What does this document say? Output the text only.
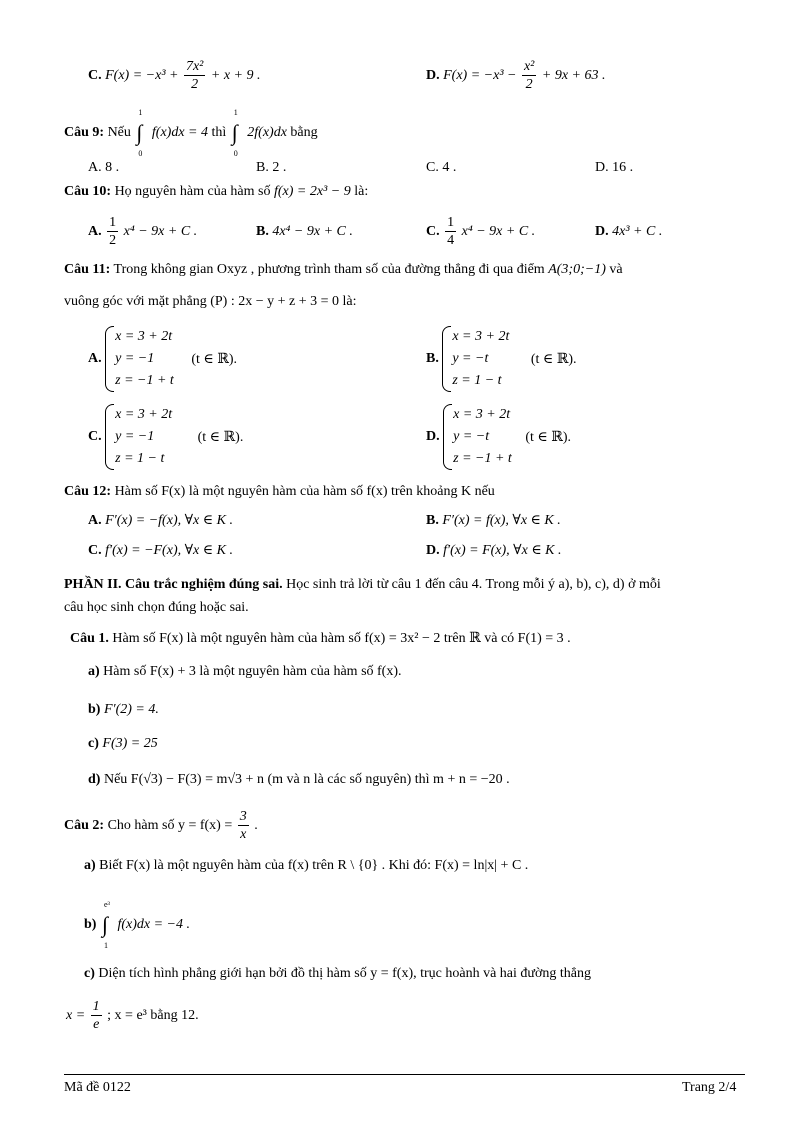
C. $F(x) = -x^3 + \frac{\text{7x²}}{2} + x + 9$ .	D. $F(x) = -x^3 - \frac{\text{x²}}{2} + 9x + 63$ .
Câu 9: Nếu
1
∫
0
f(x)dx = 4 thì
1
∫
0
2f(x)dx bằng
A. 8 .	B. 2 .	C. 4 .	D. 16 .
Câu 10: Họ nguyên hàm của hàm số f(x) = 2x³ − 9 là:
A. $\frac{1}{2} x^4 - 9x + C$ .	B. 4x⁴ − 9x + C .	C. $\frac{1}{4} x^4 - 9x + C$ .	D. 4x³ + C .
Câu 11: Trong không gian Oxyz , phương trình tham số của đường thẳng đi qua điểm A(3;0;−1) và
vuông góc với mặt phẳng (P) : 2x − y + z + 3 = 0 là:
A.
x = 3 + 2t
y = −1
z = −1 + t
(t ∈ ℝ).	B.
x = 3 + 2t
y = −t
z = 1 − t
(t ∈ ℝ).
C.
x = 3 + 2t
y = −1
z = 1 − t
(t ∈ ℝ).	D.
x = 3 + 2t
y = −t
z = −1 + t
(t ∈ ℝ).
Câu 12: Hàm số F(x) là một nguyên hàm của hàm số f(x) trên khoảng K nếu
A. F′(x) = −f(x), ∀x ∈ K .	B. F′(x) = f(x), ∀x ∈ K .
C. f′(x) = −F(x), ∀x ∈ K .	D. f′(x) = F(x), ∀x ∈ K .
PHẦN II. Câu trắc nghiệm đúng sai. Học sinh trả lời từ câu 1 đến câu 4. Trong mỗi ý a), b), c), d) ở mỗi
câu học sinh chọn đúng hoặc sai.
Câu 1. Hàm số F(x) là một nguyên hàm của hàm số f(x) = 3x² − 2 trên ℝ và có F(1) = 3 .
a) Hàm số F(x) + 3 là một nguyên hàm của hàm số f(x).
b) F′(2) = 4.
c) F(3) = 25
d) Nếu F(√3) − F(3) = m√3 + n (m và n là các số nguyên) thì m + n = −20 .
Câu 2: Cho hàm số $y = f(x) = \frac{3}{x}$ .
a) Biết F(x) là một nguyên hàm của f(x) trên R \ {0} . Khi đó: F(x) = ln|x| + C .
b)
e³
∫
1
f(x)dx = −4 .
c) Diện tích hình phẳng giới hạn bởi đồ thị hàm số y = f(x), trục hoành và hai đường thẳng
$x = \frac{1}{e}$ ; x = e³ bằng 12.
Mã đề 0122	Trang 2/4
